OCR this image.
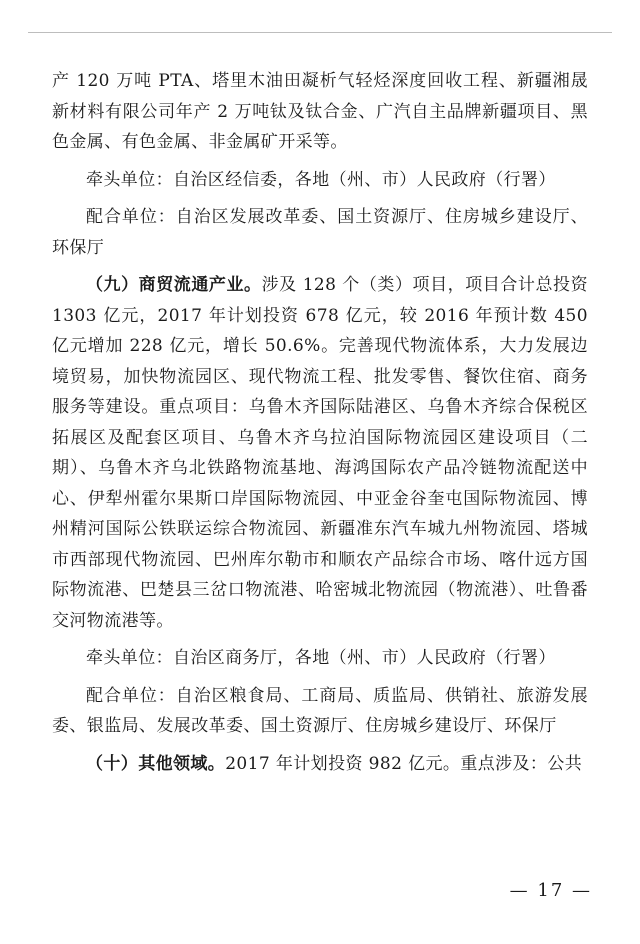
产 120 万吨 PTA、塔里木油田凝析气轻烃深度回收工程、新疆湘晟新材料有限公司年产 2 万吨钛及钛合金、广汽自主品牌新疆项目、黑色金属、有色金属、非金属矿开采等。

牵头单位：自治区经信委，各地（州、市）人民政府（行署）

配合单位：自治区发展改革委、国土资源厅、住房城乡建设厅、环保厅

（九）商贸流通产业。涉及 128 个（类）项目，项目合计总投资 1303 亿元，2017 年计划投资 678 亿元，较 2016 年预计数 450 亿元增加 228 亿元，增长 50.6%。完善现代物流体系，大力发展边境贸易，加快物流园区、现代物流工程、批发零售、餐饮住宿、商务服务等建设。重点项目：乌鲁木齐国际陆港区、乌鲁木齐综合保税区拓展区及配套区项目、乌鲁木齐乌拉泊国际物流园区建设项目（二期）、乌鲁木齐乌北铁路物流基地、海鸿国际农产品冷链物流配送中心、伊犁州霍尔果斯口岸国际物流园、中亚金谷奎屯国际物流园、博州精河国际公铁联运综合物流园、新疆准东汽车城九州物流园、塔城市西部现代物流园、巴州库尔勒市和顺农产品综合市场、喀什远方国际物流港、巴楚县三岔口物流港、哈密城北物流园（物流港）、吐鲁番交河物流港等。

牵头单位：自治区商务厅，各地（州、市）人民政府（行署）

配合单位：自治区粮食局、工商局、质监局、供销社、旅游发展委、银监局、发展改革委、国土资源厅、住房城乡建设厅、环保厅

（十）其他领域。2017 年计划投资 982 亿元。重点涉及：公共

— 17 —
